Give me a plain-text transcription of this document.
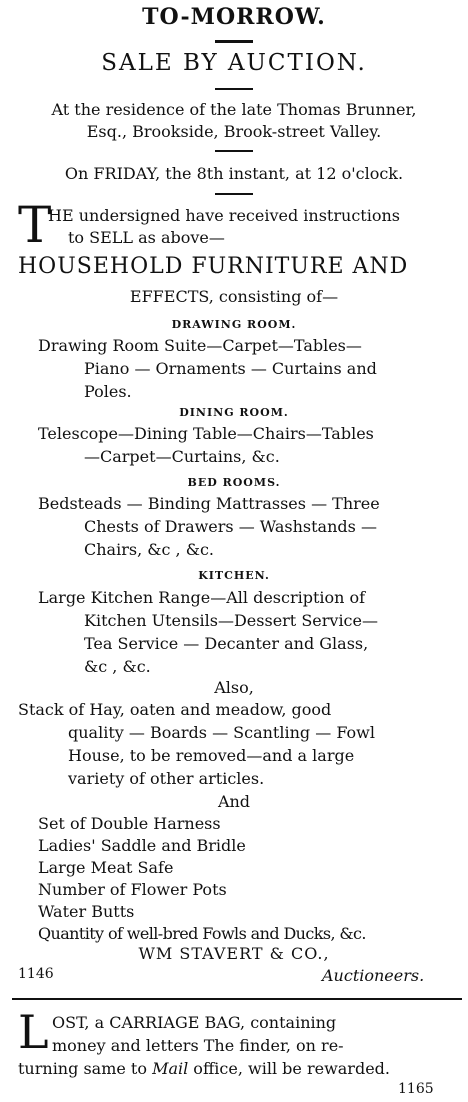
TO-MORROW.
SALE BY AUCTION.
At the residence of the late Thomas Brunner,
Esq., Brookside, Brook-street Valley.
On FRIDAY, the 8th instant, at 12 o'clock.
T
HE undersigned have received instructions
to SELL as above—
HOUSEHOLD FURNITURE AND
EFFECTS, consisting of—
DRAWING ROOM.
Drawing Room Suite—Carpet—Tables—
Piano — Ornaments — Curtains and
Poles.
DINING ROOM.
Telescope—Dining Table—Chairs—Tables
—Carpet—Curtains, &c.
BED ROOMS.
Bedsteads — Binding Mattrasses — Three
Chests of Drawers — Washstands —
Chairs, &c , &c.
KITCHEN.
Large Kitchen Range—All description of
Kitchen Utensils—Dessert Service—
Tea Service — Decanter and Glass,
&c , &c.
Also,
Stack of Hay, oaten and meadow, good
quality — Boards — Scantling — Fowl
House, to be removed—and a large
variety of other articles.
And
Set of Double Harness
Ladies' Saddle and Bridle
Large Meat Safe
Number of Flower Pots
Water Butts
Quantity of well-bred Fowls and Ducks, &c.
WM STAVERT & CO.,
1146	Auctioneers.
L OST, a CARRIAGE BAG, containing
money and letters The finder, on re-
turning same to Mail office, will be rewarded.
1165
